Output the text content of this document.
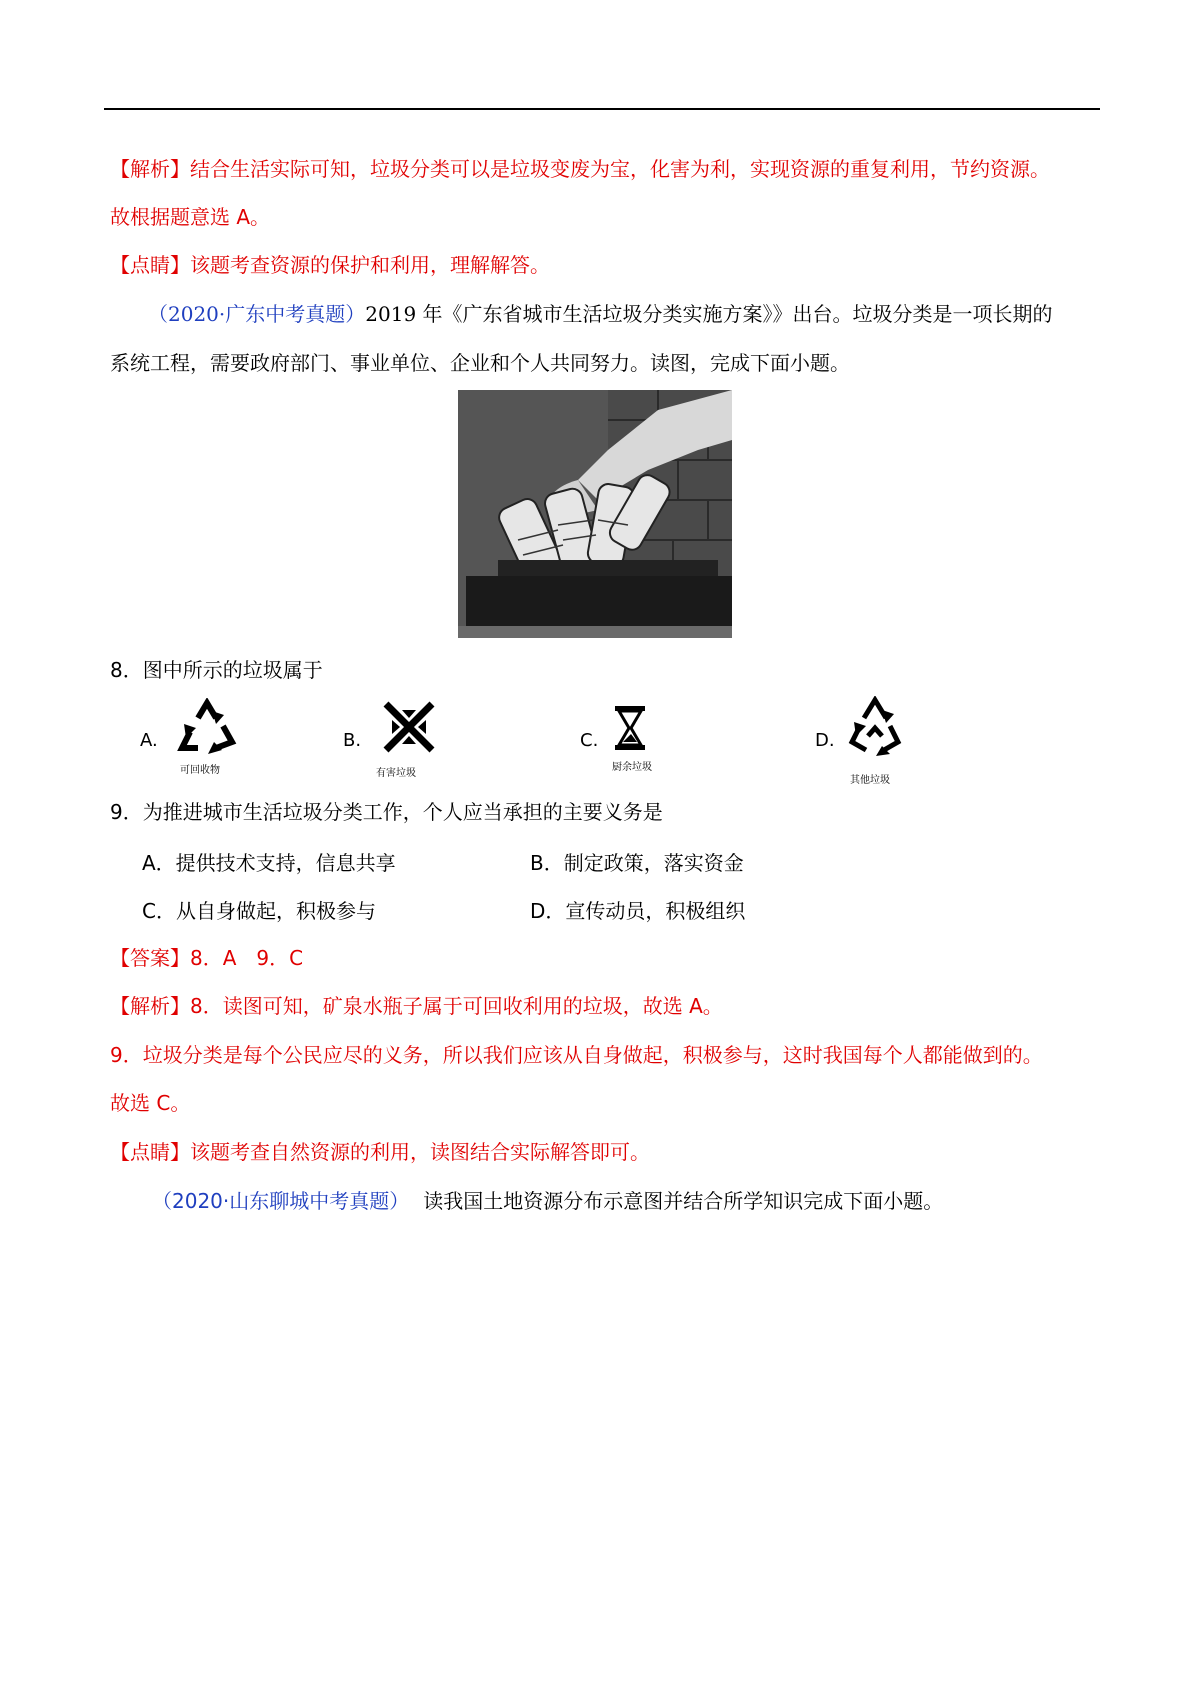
【解析】结合生活实际可知，垃圾分类可以是垃圾变废为宝，化害为利，实现资源的重复利用，节约资源。
故根据题意选 A。
【点睛】该题考查资源的保护和利用，理解解答。
（2020·广东中考真题）2019 年《广东省城市生活垃圾分类实施方案》》出台。垃圾分类是一项长期的
系统工程，需要政府部门、事业单位、企业和个人共同努力。读图，完成下面小题。
8．图中所示的垃圾属于
A.
可回收物
B.
有害垃圾
C.
厨余垃圾
D.
其他垃圾
9．为推进城市生活垃圾分类工作，个人应当承担的主要义务是
A．提供技术支持，信息共享	B．制定政策，落实资金
C．从自身做起，积极参与	D．宣传动员，积极组织
【答案】8．A　9．C
【解析】8．读图可知，矿泉水瓶子属于可回收利用的垃圾，故选 A。
9．垃圾分类是每个公民应尽的义务，所以我们应该从自身做起，积极参与，这时我国每个人都能做到的。
故选 C。
【点睛】该题考查自然资源的利用，读图结合实际解答即可。
（2020·山东聊城中考真题） 读我国土地资源分布示意图并结合所学知识完成下面小题。
